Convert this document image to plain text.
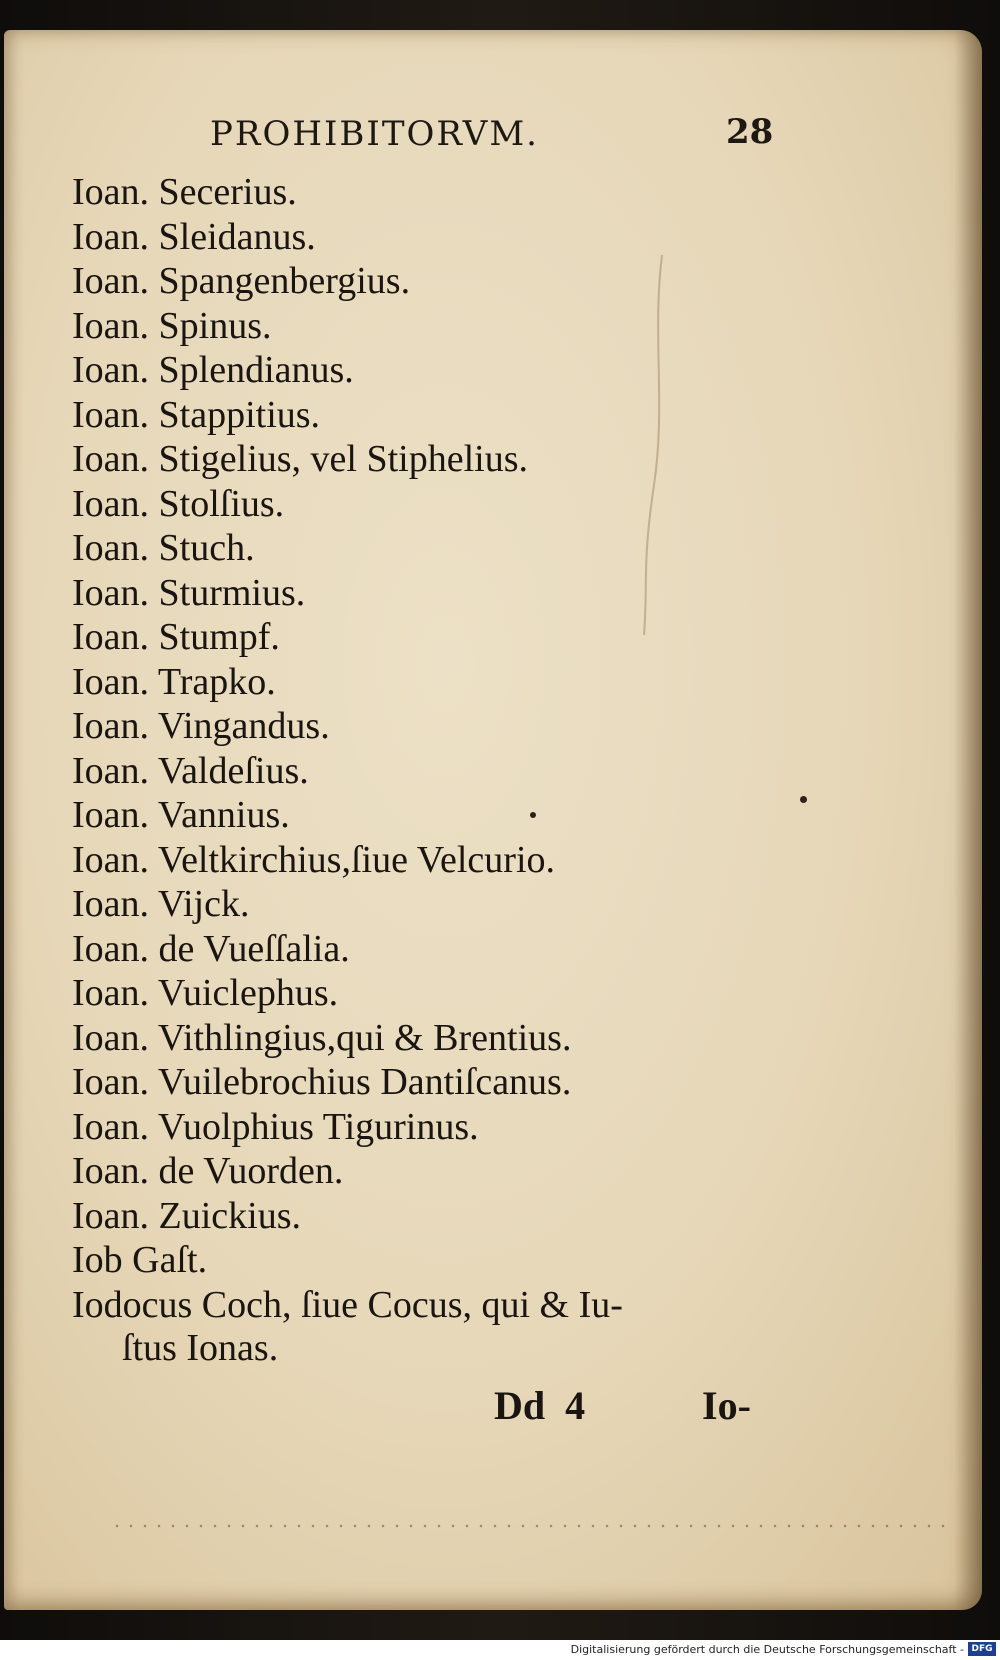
PROHIBITORVM.	28
Ioan. Secerius.
Ioan. Sleidanus.
Ioan. Spangenbergius.
Ioan. Spinus.
Ioan. Splendianus.
Ioan. Stappitius.
Ioan. Stigelius, vel Stiphelius.
Ioan. Stolſius.
Ioan. Stuch.
Ioan. Sturmius.
Ioan. Stumpf.
Ioan. Trapko.
Ioan. Vingandus.
Ioan. Valdeſius.
Ioan. Vannius.
Ioan. Veltkirchius,ſiue Velcurio.
Ioan. Vijck.
Ioan. de Vueſſalia.
Ioan. Vuiclephus.
Ioan. Vithlingius,qui & Brentius.
Ioan. Vuilebrochius Dantiſcanus.
Ioan. Vuolphius Tigurinus.
Ioan. de Vuorden.
Ioan. Zuickius.
Iob Gaſt.
Iodocus Coch, ſiue Cocus, qui & Iu-
ſtus Ionas.
Dd 4	Io-
Digitalisierung gefördert durch die Deutsche Forschungsgemeinschaft - DFG
